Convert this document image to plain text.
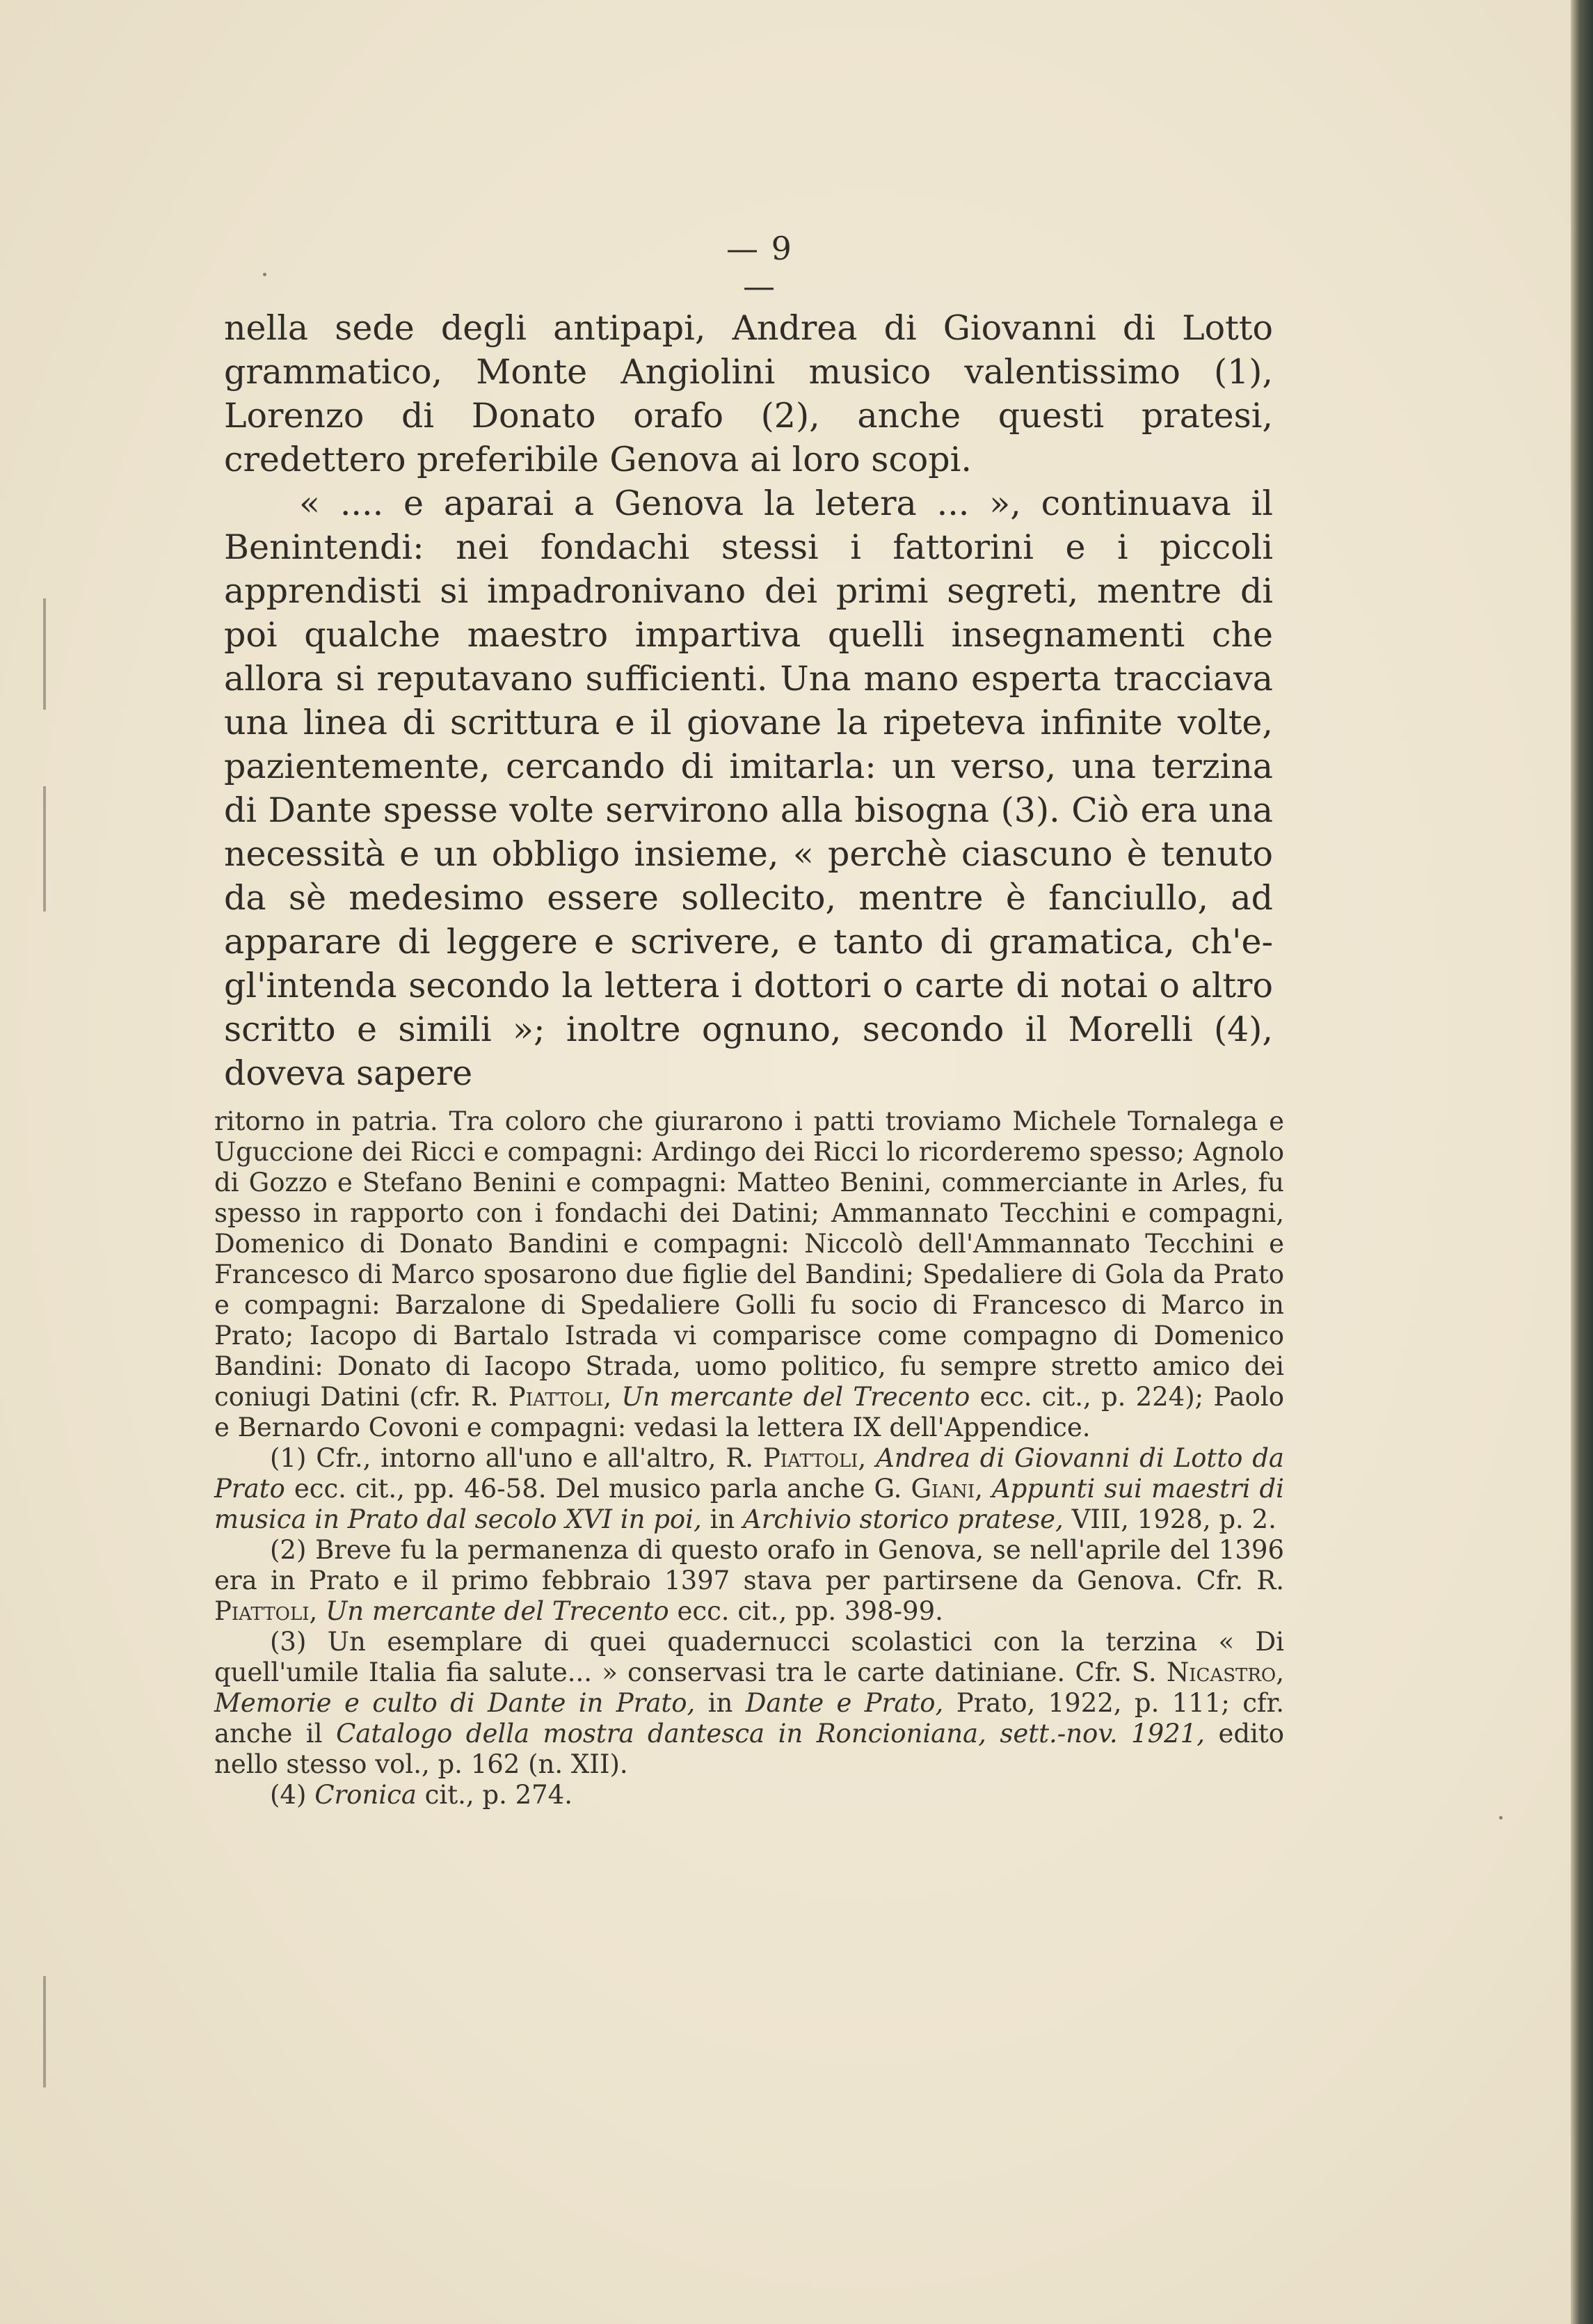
— 9 —

nella sede degli antipapi, Andrea di Giovanni di Lotto grammatico, Monte Angiolini musico valentissimo (1), Lorenzo di Donato orafo (2), anche questi pratesi, credettero preferibile Genova ai loro scopi.

« .... e aparai a Genova la letera ... », continuava il Benintendi: nei fondachi stessi i fattorini e i piccoli apprendisti si impadronivano dei primi segreti, mentre di poi qualche maestro impartiva quelli insegnamenti che allora si reputavano sufficienti. Una mano esperta tracciava una linea di scrittura e il giovane la ripeteva infinite volte, pazientemente, cercando di imitarla: un verso, una terzina di Dante spesse volte servirono alla bisogna (3). Ciò era una necessità e un obbligo insieme, « perchè ciascuno è tenuto da sè medesimo essere sollecito, mentre è fanciullo, ad apparare di leggere e scrivere, e tanto di gramatica, ch'e-gl'intenda secondo la lettera i dottori o carte di notai o altro scritto e simili »; inoltre ognuno, secondo il Morelli (4), doveva sapere

ritorno in patria. Tra coloro che giurarono i patti troviamo Michele Tornalega e Uguccione dei Ricci e compagni: Ardingo dei Ricci lo ricorderemo spesso; Agnolo di Gozzo e Stefano Benini e compagni: Matteo Benini, commerciante in Arles, fu spesso in rapporto con i fondachi dei Datini; Ammannato Tecchini e compagni, Domenico di Donato Bandini e compagni: Niccolò dell'Ammannato Tecchini e Francesco di Marco sposarono due figlie del Bandini; Spedaliere di Gola da Prato e compagni: Barzalone di Spedaliere Golli fu socio di Francesco di Marco in Prato; Iacopo di Bartalo Istrada vi comparisce come compagno di Domenico Bandini: Donato di Iacopo Strada, uomo politico, fu sempre stretto amico dei coniugi Datini (cfr. R. Piattoli, Un mercante del Trecento ecc. cit., p. 224); Paolo e Bernardo Covoni e compagni: vedasi la lettera IX dell'Appendice.

(1) Cfr., intorno all'uno e all'altro, R. Piattoli, Andrea di Giovanni di Lotto da Prato ecc. cit., pp. 46-58. Del musico parla anche G. Giani, Appunti sui maestri di musica in Prato dal secolo XVI in poi, in Archivio storico pratese, VIII, 1928, p. 2.

(2) Breve fu la permanenza di questo orafo in Genova, se nell'aprile del 1396 era in Prato e il primo febbraio 1397 stava per partirsene da Genova. Cfr. R. Piattoli, Un mercante del Trecento ecc. cit., pp. 398-99.

(3) Un esemplare di quei quadernucci scolastici con la terzina « Di quell'umile Italia fia salute... » conservasi tra le carte datiniane. Cfr. S. Nicastro, Memorie e culto di Dante in Prato, in Dante e Prato, Prato, 1922, p. 111; cfr. anche il Catalogo della mostra dantesca in Roncioniana, sett.-nov. 1921, edito nello stesso vol., p. 162 (n. XII).

(4) Cronica cit., p. 274.
